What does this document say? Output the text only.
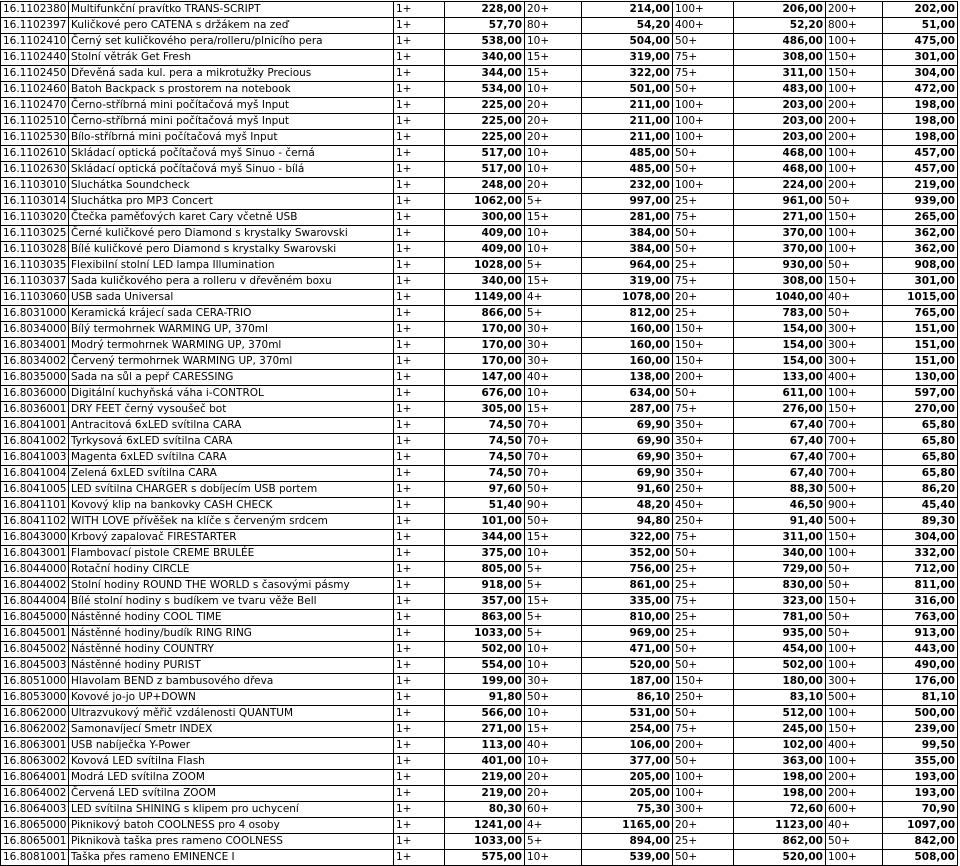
16.1102380	Multifunkční pravítko TRANS-SCRIPT	1+	228,00	20+	214,00	100+	206,00	200+	202,00
16.1102397	Kuličkové pero CATENA s držákem na zeď	1+	57,70	80+	54,20	400+	52,20	800+	51,00
16.1102410	Černý set kuličkového pera/rolleru/plnicího pera	1+	538,00	10+	504,00	50+	486,00	100+	475,00
16.1102440	Stolní větrák Get Fresh	1+	340,00	15+	319,00	75+	308,00	150+	301,00
16.1102450	Dřevěná sada kul. pera a mikrotužky Precious	1+	344,00	15+	322,00	75+	311,00	150+	304,00
16.1102460	Batoh Backpack s prostorem na notebook	1+	534,00	10+	501,00	50+	483,00	100+	472,00
16.1102470	Černo-stříbrná mini počítačová myš Input	1+	225,00	20+	211,00	100+	203,00	200+	198,00
16.1102510	Černo-stříbrná mini počítačová myš Input	1+	225,00	20+	211,00	100+	203,00	200+	198,00
16.1102530	Bílo-stříbrná mini počítačová myš Input	1+	225,00	20+	211,00	100+	203,00	200+	198,00
16.1102610	Skládací optická počítačová myš Sinuo - černá	1+	517,00	10+	485,00	50+	468,00	100+	457,00
16.1102630	Skládací optická počítačová myš Sinuo - bílá	1+	517,00	10+	485,00	50+	468,00	100+	457,00
16.1103010	Sluchátka Soundcheck	1+	248,00	20+	232,00	100+	224,00	200+	219,00
16.1103014	Sluchátka pro MP3 Concert	1+	1062,00	5+	997,00	25+	961,00	50+	939,00
16.1103020	Čtečka paměťových karet Cary včetně USB	1+	300,00	15+	281,00	75+	271,00	150+	265,00
16.1103025	Černé kuličkové pero Diamond s krystalky Swarovski	1+	409,00	10+	384,00	50+	370,00	100+	362,00
16.1103028	Bílé kuličkové pero Diamond s krystalky Swarovski	1+	409,00	10+	384,00	50+	370,00	100+	362,00
16.1103035	Flexibilní stolní LED lampa Illumination	1+	1028,00	5+	964,00	25+	930,00	50+	908,00
16.1103037	Sada kuličkového pera a rolleru v dřevěném boxu	1+	340,00	15+	319,00	75+	308,00	150+	301,00
16.1103060	USB sada Universal	1+	1149,00	4+	1078,00	20+	1040,00	40+	1015,00
16.8031000	Keramická krájecí sada CERA-TRIO	1+	866,00	5+	812,00	25+	783,00	50+	765,00
16.8034000	Bílý termohrnek WARMING UP, 370ml	1+	170,00	30+	160,00	150+	154,00	300+	151,00
16.8034001	Modrý termohrnek WARMING UP, 370ml	1+	170,00	30+	160,00	150+	154,00	300+	151,00
16.8034002	Červený termohrnek WARMING UP, 370ml	1+	170,00	30+	160,00	150+	154,00	300+	151,00
16.8035000	Sada na sůl a pepř CARESSING	1+	147,00	40+	138,00	200+	133,00	400+	130,00
16.8036000	Digitální kuchyňská váha i-CONTROL	1+	676,00	10+	634,00	50+	611,00	100+	597,00
16.8036001	DRY FEET černý vysoušeč bot	1+	305,00	15+	287,00	75+	276,00	150+	270,00
16.8041001	Antracitová 6xLED svítilna CARA	1+	74,50	70+	69,90	350+	67,40	700+	65,80
16.8041002	Tyrkysová 6xLED svítilna CARA	1+	74,50	70+	69,90	350+	67,40	700+	65,80
16.8041003	Magenta 6xLED svítilna CARA	1+	74,50	70+	69,90	350+	67,40	700+	65,80
16.8041004	Zelená 6xLED svítilna CARA	1+	74,50	70+	69,90	350+	67,40	700+	65,80
16.8041005	LED svítilna CHARGER s dobíjecím USB portem	1+	97,60	50+	91,60	250+	88,30	500+	86,20
16.8041101	Kovový klip na bankovky CASH CHECK	1+	51,40	90+	48,20	450+	46,50	900+	45,40
16.8041102	WITH LOVE přívěšek na klíče s červeným srdcem	1+	101,00	50+	94,80	250+	91,40	500+	89,30
16.8043000	Krbový zapalovač FIRESTARTER	1+	344,00	15+	322,00	75+	311,00	150+	304,00
16.8043001	Flambovací pistole CREME BRULÉE	1+	375,00	10+	352,00	50+	340,00	100+	332,00
16.8044000	Rotační hodiny CIRCLE	1+	805,00	5+	756,00	25+	729,00	50+	712,00
16.8044002	Stolní hodiny ROUND THE WORLD s časovými pásmy	1+	918,00	5+	861,00	25+	830,00	50+	811,00
16.8044004	Bílé stolní hodiny s budíkem ve tvaru věže Bell	1+	357,00	15+	335,00	75+	323,00	150+	316,00
16.8045000	Nástěnné hodiny COOL TIME	1+	863,00	5+	810,00	25+	781,00	50+	763,00
16.8045001	Nástěnné hodiny/budík RING RING	1+	1033,00	5+	969,00	25+	935,00	50+	913,00
16.8045002	Nástěnné hodiny COUNTRY	1+	502,00	10+	471,00	50+	454,00	100+	443,00
16.8045003	Nástěnné hodiny PURIST	1+	554,00	10+	520,00	50+	502,00	100+	490,00
16.8051000	Hlavolam BEND z bambusového dřeva	1+	199,00	30+	187,00	150+	180,00	300+	176,00
16.8053000	Kovové jo-jo UP+DOWN	1+	91,80	50+	86,10	250+	83,10	500+	81,10
16.8062000	Ultrazvukový měřič vzdálenosti QUANTUM	1+	566,00	10+	531,00	50+	512,00	100+	500,00
16.8062002	Samonavíjecí Smetr INDEX	1+	271,00	15+	254,00	75+	245,00	150+	239,00
16.8063001	USB nabíječka Y-Power	1+	113,00	40+	106,00	200+	102,00	400+	99,50
16.8063002	Kovová LED svítilna Flash	1+	401,00	10+	377,00	50+	363,00	100+	355,00
16.8064001	Modrá LED svítilna ZOOM	1+	219,00	20+	205,00	100+	198,00	200+	193,00
16.8064002	Červená LED svítilna ZOOM	1+	219,00	20+	205,00	100+	198,00	200+	193,00
16.8064003	LED svítilna SHINING s klipem pro uchycení	1+	80,30	60+	75,30	300+	72,60	600+	70,90
16.8065000	Piknikový batoh COOLNESS pro 4 osoby	1+	1241,00	4+	1165,00	20+	1123,00	40+	1097,00
16.8065001	Piknikovà taška pres rameno COOLNESS	1+	1033,00	5+	894,00	25+	862,00	50+	842,00
16.8081001	Taška přes rameno EMINENCE I	1+	575,00	10+	539,00	50+	520,00	100+	508,00
